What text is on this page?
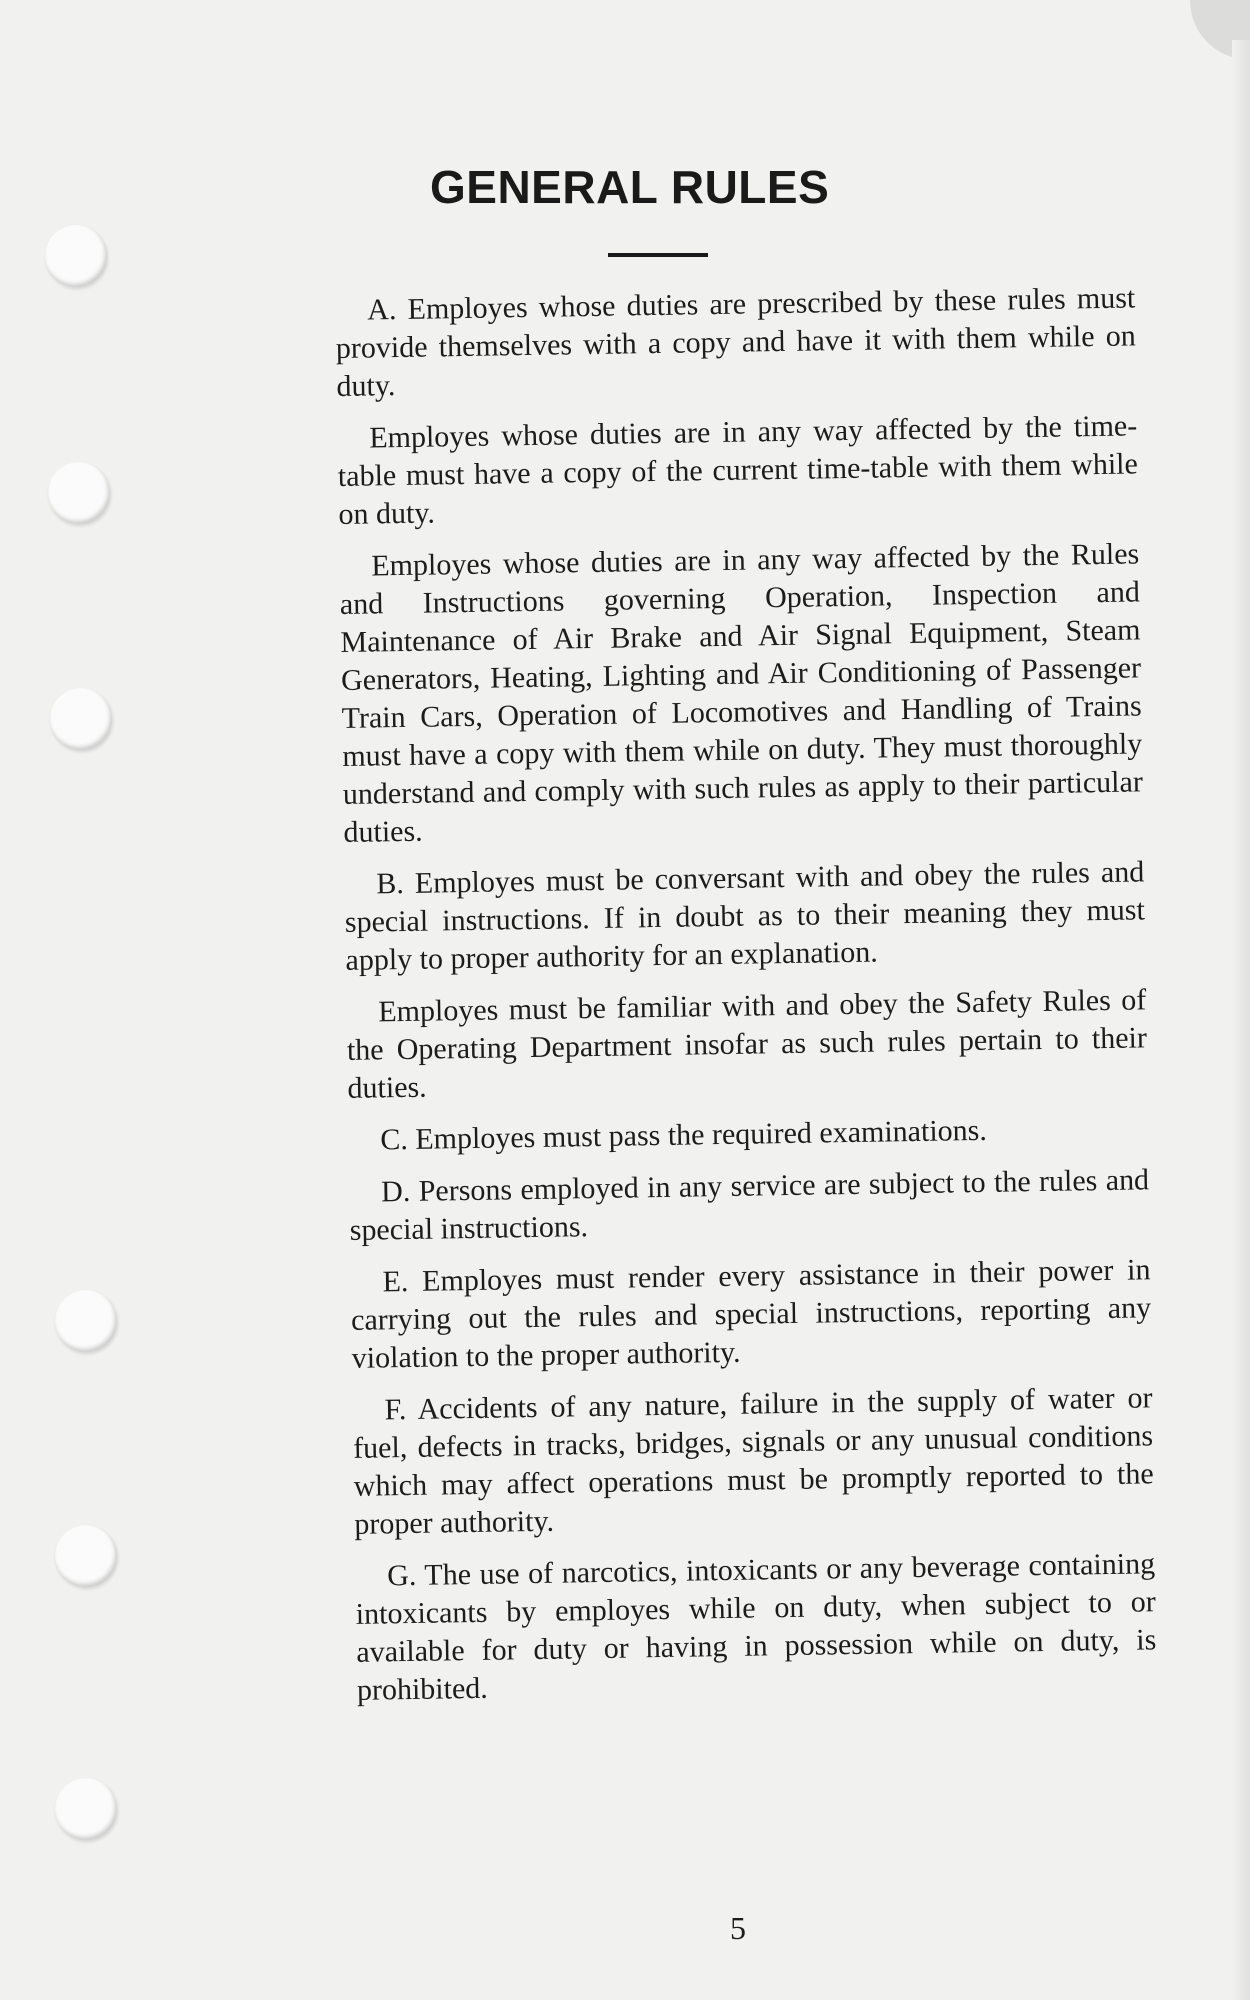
GENERAL RULES

A. Employes whose duties are prescribed by these rules must provide themselves with a copy and have it with them while on duty.

Employes whose duties are in any way affected by the time-table must have a copy of the current time-table with them while on duty.

Employes whose duties are in any way affected by the Rules and Instructions governing Operation, Inspection and Maintenance of Air Brake and Air Signal Equipment, Steam Generators, Heating, Lighting and Air Conditioning of Passenger Train Cars, Operation of Locomotives and Handling of Trains must have a copy with them while on duty. They must thoroughly understand and comply with such rules as apply to their particular duties.

B. Employes must be conversant with and obey the rules and special instructions. If in doubt as to their meaning they must apply to proper authority for an explanation.

Employes must be familiar with and obey the Safety Rules of the Operating Department insofar as such rules pertain to their duties.

C. Employes must pass the required examinations.

D. Persons employed in any service are subject to the rules and special instructions.

E. Employes must render every assistance in their power in carrying out the rules and special instructions, reporting any violation to the proper authority.

F. Accidents of any nature, failure in the supply of water or fuel, defects in tracks, bridges, signals or any unusual conditions which may affect operations must be promptly reported to the proper authority.

G. The use of narcotics, intoxicants or any beverage containing intoxicants by employes while on duty, when subject to or available for duty or having in possession while on duty, is prohibited.

5
